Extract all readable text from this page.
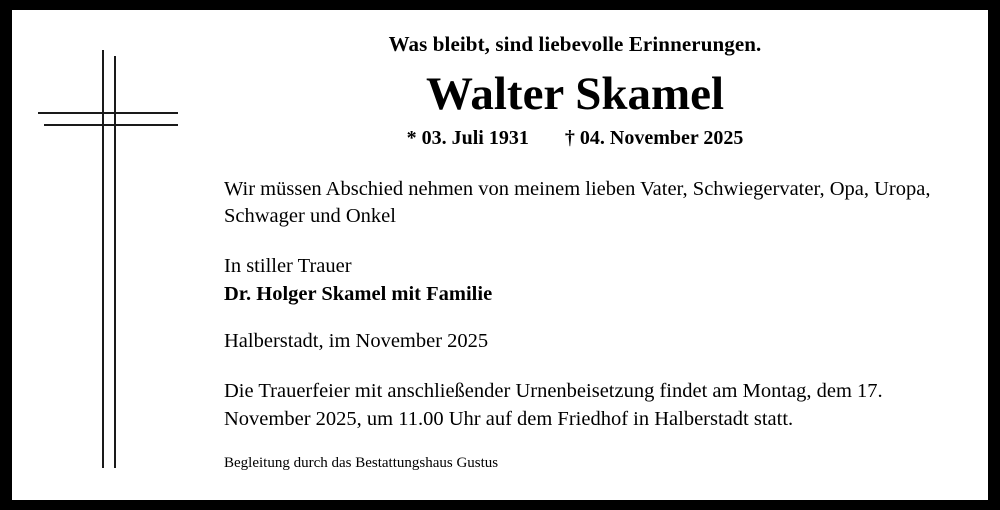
Was bleibt, sind liebevolle Erinnerungen.
Walter Skamel
* 03. Juli 1931 † 04. November 2025

Wir müssen Abschied nehmen von meinem lieben Vater, Schwiegervater, Opa, Uropa, Schwager und Onkel

In stiller Trauer
Dr. Holger Skamel mit Familie

Halberstadt, im November 2025

Die Trauerfeier mit anschließender Urnenbeisetzung findet am Montag, dem 17. November 2025, um 11.00 Uhr auf dem Friedhof in Halberstadt statt.

Begleitung durch das Bestattungshaus Gustus
